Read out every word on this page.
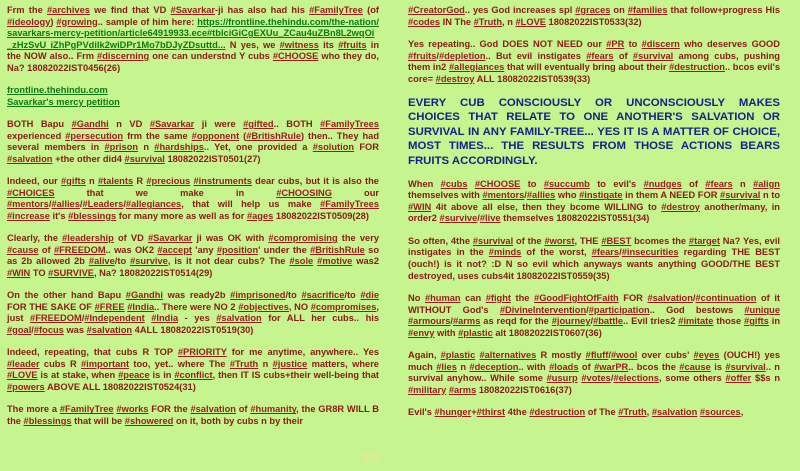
Frm the #archives we find that VD #Savarkar-ji has also had his #FamilyTree (of #ideology) #growing.. sample of him here: https://frontline.thehindu.com/the-nation/savarkars-mercy-petition/article64919933.ece#tblciGiCgEXUu_ZCau4uZBn8L2wqOi_zHzSvU iZhPgPVdilk2wiDPr1Mo7bDJyZDsuttd... N yes, we #witness its #fruits in the NOW also.. Frm #discerning one can understnd Y cubs #CHOOSE who they do, Na? 18082022IST0456(26)
frontline.thehindu.com
Savarkar's mercy petition
BOTH Bapu #Gandhi n VD #Savarkar ji were #gifted.. BOTH #FamilyTrees experienced #persecution frm the same #opponent (#BritishRule) then.. They had several members in #prison n #hardships.. Yet, one provided a #solution FOR #salvation +the other did4 #survival 18082022IST0501(27)
Indeed, our #gifts n #talents R #precious #instruments dear cubs, but it is also the #CHOICES that we make in #CHOOSING our #mentors/#allies/#Leaders/#allegiances, that will help us make #FamilyTrees #increase it's #blessings for many more as well as for #ages 18082022IST0509(28)
Clearly, the #leadership of VD #Savarkar ji was OK with #compromising the very #cause of #FREEDOM.. was OK2 #accept 'any #position' under the #BritishRule so as 2b allowed 2b #alive/to #survive, is it not dear cubs? The #sole #motive was2 #WIN TO #SURVIVE, Na? 18082022IST0514(29)
On the other hand Bapu #Gandhi was ready2b #imprisoned/to #sacrifice/to #die FOR THE SAKE OF #FREE #India.. There were NO 2 #objectives, NO #compromises, just #FREEDOM/#Independent #India - yes #salvation for ALL her cubs.. his #goal/#focus was #salvation 4ALL 18082022IST0519(30)
Indeed, repeating, that cubs R TOP #PRIORITY for me anytime, anywhere.. Yes #leader cubs R #important too, yet.. where The #Truth n #justice matters, where #LOVE is at stake, when #peace is in #conflict, then IT IS cubs+their well-being that #powers ABOVE ALL 18082022IST0524(31)
The more a #FamilyTree #works FOR the #salvation of #humanity, the GR8R WILL B the #blessings that will be #showered on it, both by cubs n by their
#CreatorGod.. yes God increases spl #graces on #families that follow+progress His #codes IN The #Truth, n #LOVE 18082022IST0533(32)
Yes repeating.. God DOES NOT NEED our #PR to #discern who deserves GOOD #fruits/#depletion.. But evil instigates #fears of #survival among cubs, pushing them in2 #allegiances that will eventually bring about their #destruction.. bcos evil's core= #destroy ALL 18082022IST0539(33)
EVERY CUB CONSCIOUSLY OR UNCONSCIOUSLY MAKES CHOICES THAT RELATE TO ONE ANOTHER'S SALVATION OR SURVIVAL IN ANY FAMILY-TREE... YES IT IS A MATTER OF CHOICE, MOST TIMES... THE RESULTS FROM THOSE ACTIONS BEARS FRUITS ACCORDINGLY.
When #cubs #CHOOSE to #succumb to evil's #nudges of #fears n #align themselves with #mentors/#allies who #instigate in them A NEED FOR #survival n to #WIN 4it above all else, then they bcome WILLING to #destroy another/many, in order2 #survive/#live themselves 18082022IST0551(34)
So often, 4the #survival of the #worst, THE #BEST bcomes the #target Na? Yes, evil instigates in the #minds of the worst, #fears/#insecurities regarding THE BEST (ouch!) is it not? :D N so evil which anyways wants anything GOOD/THE BEST destroyed, uses cubs4it 18082022IST0559(35)
No #human can #fight the #GoodFightOfFaith FOR #salvation/#continuation of it WITHOUT God's #DivineIntervention/#participation.. God bestows #unique #armours/#arms as reqd for the #journey/#battle.. Evil tries2 #imitate those #gifts in #envy with #plastic alt 18082022IST0607(36)
Again, #plastic #alternatives R mostly #fluff/#wool over cubs' #eyes (OUCH!) yes much #lies n #deception.. with #loads of #warPR.. bcos the #cause is #survival.. n survival anyhow.. While some #usurp #votes/#elections, some others #offer $$s n #military #arms 18082022IST0616(37)
Evil's #hunger+#thirst 4the #destruction of The #Truth, #salvation #sources,
3/8
